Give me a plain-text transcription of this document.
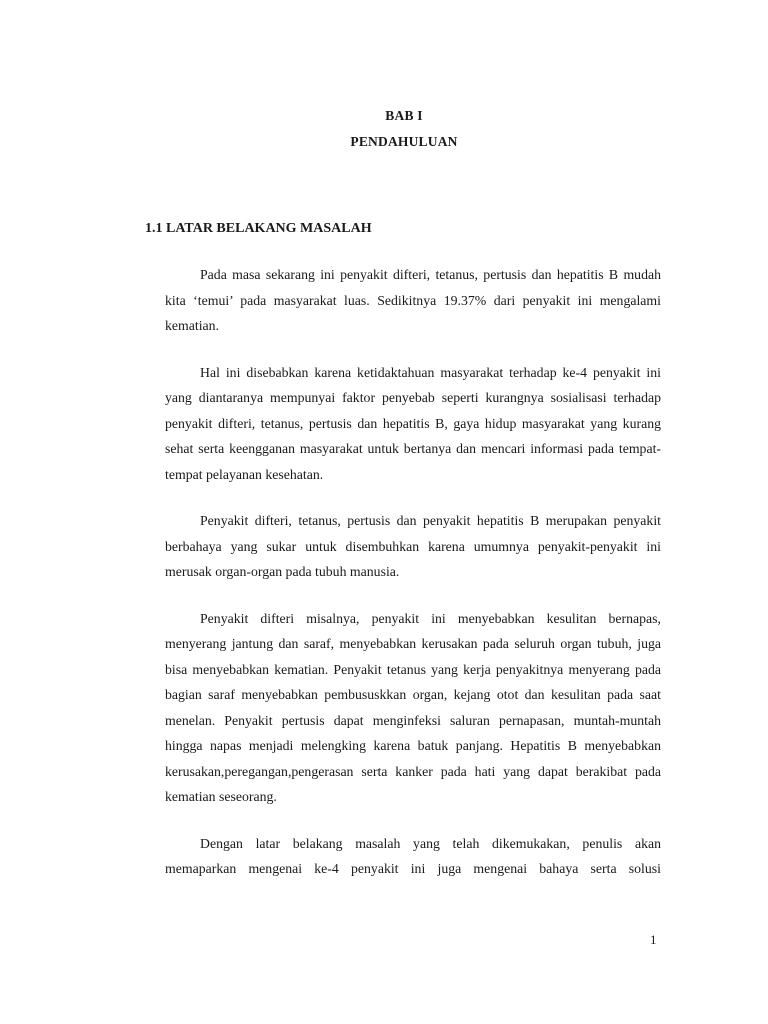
BAB I
PENDAHULUAN
1.1 LATAR BELAKANG MASALAH

Pada masa sekarang ini penyakit difteri, tetanus, pertusis dan hepatitis B mudah kita ‘temui’ pada masyarakat luas. Sedikitnya 19.37% dari penyakit ini mengalami kematian.

Hal ini disebabkan karena ketidaktahuan masyarakat terhadap ke-4 penyakit ini yang diantaranya mempunyai faktor penyebab seperti kurangnya sosialisasi terhadap penyakit difteri, tetanus, pertusis dan hepatitis B, gaya hidup masyarakat yang kurang sehat serta keengganan masyarakat untuk bertanya dan mencari informasi pada tempat-tempat pelayanan kesehatan.

Penyakit difteri, tetanus, pertusis dan penyakit hepatitis B merupakan penyakit berbahaya yang sukar untuk disembuhkan karena umumnya penyakit-penyakit ini merusak organ-organ pada tubuh manusia.

Penyakit difteri misalnya, penyakit ini menyebabkan kesulitan bernapas, menyerang jantung dan saraf, menyebabkan kerusakan pada seluruh organ tubuh, juga bisa menyebabkan kematian. Penyakit tetanus yang kerja penyakitnya menyerang pada bagian saraf menyebabkan pembususkkan organ, kejang otot dan kesulitan pada saat menelan. Penyakit pertusis dapat menginfeksi saluran pernapasan, muntah-muntah hingga napas menjadi melengking karena batuk panjang. Hepatitis B menyebabkan kerusakan,peregangan,pengerasan serta kanker pada hati yang dapat berakibat pada kematian seseorang.

Dengan latar belakang masalah yang telah dikemukakan, penulis akan memaparkan mengenai ke-4 penyakit ini juga mengenai bahaya serta solusi

1
